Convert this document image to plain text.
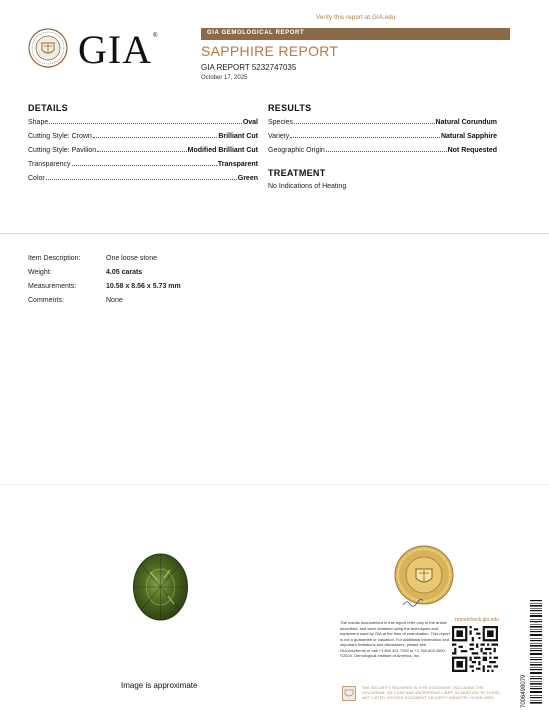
Verify this report at GIA.edu
GIA ®	GIA GEMOLOGICAL REPORT
SAPPHIRE REPORT
GIA REPORT 5232747035
October 17, 2025
DETAILS
Shape	Oval
Cutting Style: Crown	Brilliant Cut
Cutting Style: Pavilion	Modified Brilliant Cut
Transparency	Transparent
Color	Green
RESULTS
Species	Natural Corundum
Variety	Natural Sapphire
Geographic Origin	Not Requested
TREATMENT
No Indications of Heating
Item Description:	One loose stone
Weight:	4.05 carats
Measurements:	10.58 x 8.56 x 5.73 mm
Comments:	None
Image is approximate
The results documented in this report refer only to the article described, and were obtained using the techniques and equipment used by GIA at the time of examination. This report is not a guarantee or valuation. For additional information and important limitations and disclaimers, please see GIA.edu/terms or call +1 800 421 7250 or +1 760 603 4500. ©2024, Gemological Institute of America, Inc.
reportcheck.gia.edu
THE SECURITY FEATURES IN THIS DOCUMENT, INCLUDING THE HOLOGRAM, QR CODE AND MICROPRINT LINES, IN ADDITION TO THOSE NOT LISTED, EXCEED DOCUMENT SECURITY INDUSTRY GUIDELINES.	7006498079
